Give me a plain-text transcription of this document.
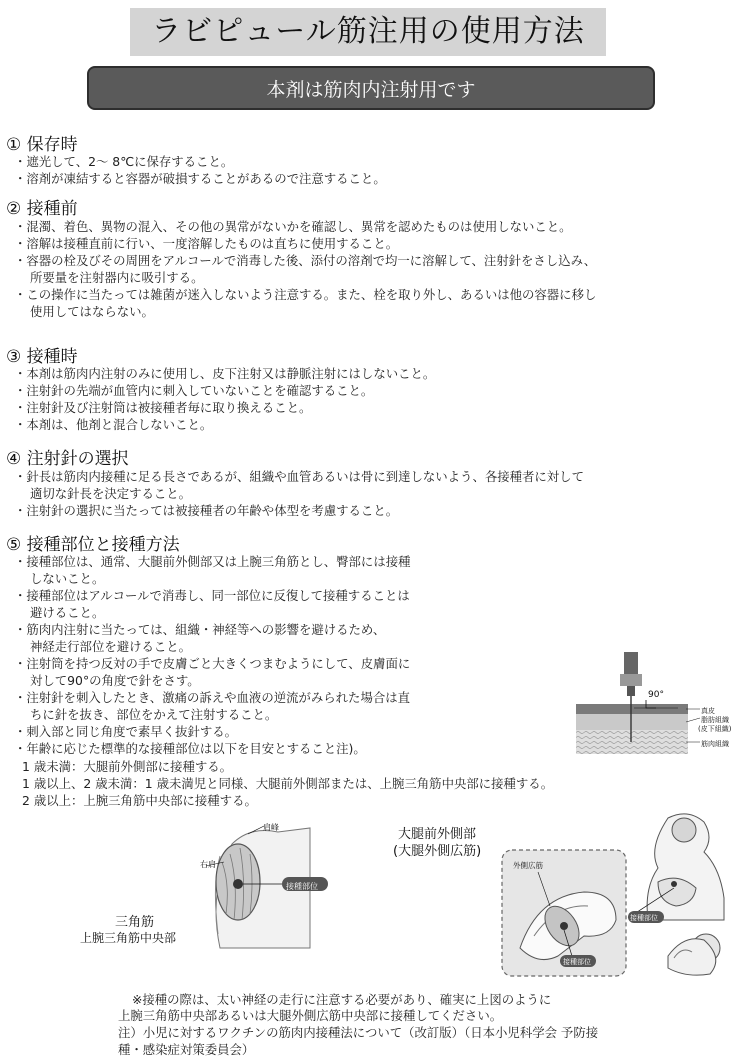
ラビピュール筋注用の使用方法
本剤は筋肉内注射用です
① 保存時
・遮光して、2〜 8℃に保存すること。
・溶剤が凍結すると容器が破損することがあるので注意すること。
② 接種前
・混濁、着色、異物の混入、その他の異常がないかを確認し、異常を認めたものは使用しないこと。
・溶解は接種直前に行い、一度溶解したものは直ちに使用すること。
・容器の栓及びその周囲をアルコールで消毒した後、添付の溶剤で均一に溶解して、注射針をさし込み、
所要量を注射器内に吸引する。
・この操作に当たっては雑菌が迷入しないよう注意する。また、栓を取り外し、あるいは他の容器に移し
使用してはならない。
③ 接種時
・本剤は筋肉内注射のみに使用し、皮下注射又は静脈注射にはしないこと。
・注射針の先端が血管内に刺入していないことを確認すること。
・注射針及び注射筒は被接種者毎に取り換えること。
・本剤は、他剤と混合しないこと。
④ 注射針の選択
・針長は筋肉内接種に足る長さであるが、組織や血管あるいは骨に到達しないよう、各接種者に対して
適切な針長を決定すること。
・注射針の選択に当たっては被接種者の年齢や体型を考慮すること。
⑤ 接種部位と接種方法
・接種部位は、通常、大腿前外側部又は上腕三角筋とし、臀部には接種
しないこと。
・接種部位はアルコールで消毒し、同一部位に反復して接種することは
避けること。
・筋肉内注射に当たっては、組織・神経等への影響を避けるため、
神経走行部位を避けること。
・注射筒を持つ反対の手で皮膚ごと大きくつまむようにして、皮膚面に
対して90°の角度で針をさす。
・注射針を刺入したとき、激痛の訴えや血液の逆流がみられた場合は直
ちに針を抜き、部位をかえて注射すること。
・刺入部と同じ角度で素早く抜針する。
・年齢に応じた標準的な接種部位は以下を目安とすること注)。
1 歳未満：大腿前外側部に接種する。
1 歳以上、2 歳未満：1 歳未満児と同様、大腿前外側部または、上腕三角筋中央部に接種する。
2 歳以上：上腕三角筋中央部に接種する。
90°
真皮
脂肪組織
(皮下組織)
筋肉組織
肩峰
右肩
接種部位
三角筋
上腕三角筋中央部
大腿前外側部
(大腿外側広筋)
外側広筋
接種部位
接種部位
※接種の際は、太い神経の走行に注意する必要があり、確実に上図のように
上腕三角筋中央部あるいは大腿外側広筋中央部に接種してください。
注）小児に対するワクチンの筋肉内接種法について（改訂版）（日本小児科学会 予防接
種・感染症対策委員会）
